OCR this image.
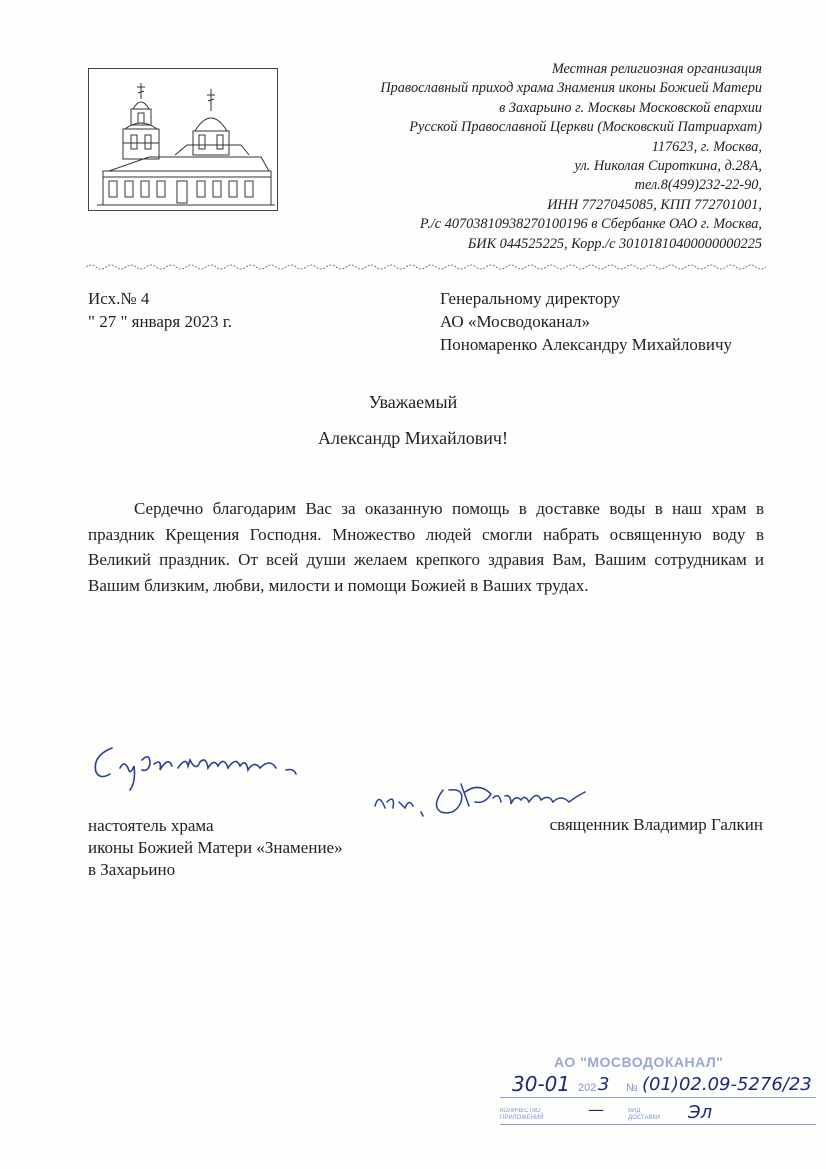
Местная религиозная организация
Православный приход храма Знамения иконы Божией Матери
в Захарьино г. Москвы Московской епархии
Русской Православной Церкви (Московский Патриархат)
117623, г. Москва,
ул. Николая Сироткина, д.28А,
тел.8(499)232-22-90,
ИНН 7727045085, КПП 772701001,
Р./с 40703810938270100196 в Сбербанке ОАО г. Москва,
БИК 044525225, Корр./с 30101810400000000225
Исх.№ 4
" 27 " января 2023 г.
Генеральному директору
АО «Мосводоканал»
Пономаренко Александру Михайловичу
Уважаемый
Александр Михайлович!
Сердечно благодарим Вас за оказанную помощь в доставке воды в наш храм в праздник Крещения Господня. Множество людей смогли набрать освященную воду в Великий праздник. От всей души желаем крепкого здравия Вам, Вашим сотрудникам и Вашим близким, любви, милости и помощи Божией в Ваших трудах.
настоятель храма
иконы Божией Матери «Знамение»
в Захарьино
священник Владимир Галкин
АО "МОСВОДОКАНАЛ"
30-01 202 3 № (01)02.09-5276/23
КОЛИЧЕСТВО
ПРИЛОЖЕНИЙ	—	ВИД
ДОСТАВКИ Эл
